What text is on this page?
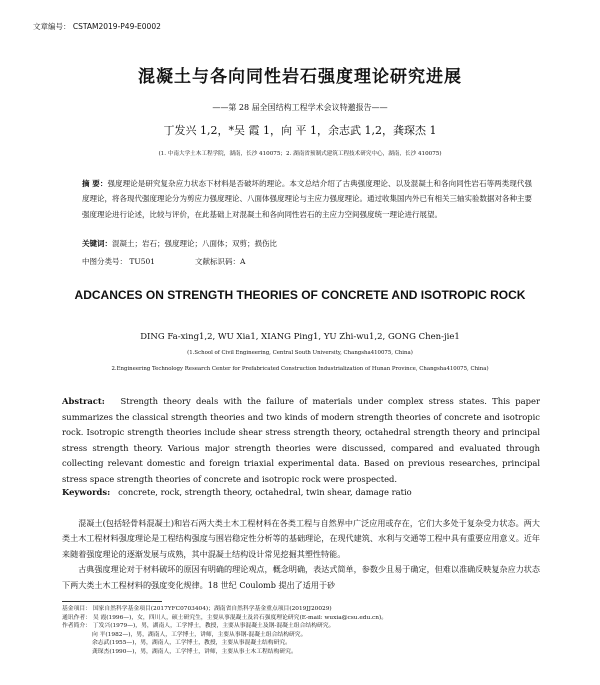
文章编号： CSTAM2019-P49-E0002
混凝土与各向同性岩石强度理论研究进展
——第 28 届全国结构工程学术会议特邀报告——
丁发兴 1,2，*吴 霞 1，向 平 1，余志武 1,2，龚琛杰 1
(1. 中南大学土木工程学院，湖南，长沙 410075；2. 湖南省预制式建筑工程技术研究中心，湖南，长沙 410075)
摘 要：强度理论是研究复杂应力状态下材料是否破坏的理论。本文总结介绍了古典强度理论、以及混凝土和各向同性岩石等两类现代强度理论，将各现代强度理论分为剪应力强度理论、八面体强度理论与主应力强度理论。通过收集国内外已有相关三轴实验数据对各种主要强度理论进行论述，比较与评价，在此基础上对混凝土和各向同性岩石的主应力空间强度统一理论进行展望。
关键词：混凝土；岩石；强度理论；八面体；双剪；损伤比
中图分类号： TU501	文献标识码：A
ADCANCES ON STRENGTH THEORIES OF CONCRETE AND ISOTROPIC ROCK
DING Fa-xing1,2, WU Xia1, XIANG Ping1, YU Zhi-wu1,2, GONG Chen-jie1
(1.School of Civil Engineering, Central South University, Changsha410075, China)
2.Engineering Technology Research Center for Prefabricated Construction Industrialization of Hunan Province, Changsha410075, China)
Abstract: Strength theory deals with the failure of materials under complex stress states. This paper summarizes the classical strength theories and two kinds of modern strength theories of concrete and isotropic rock. Isotropic strength theories include shear stress strength theory, octahedral strength theory and principal stress strength theory. Various major strength theories were discussed, compared and evaluated through collecting relevant domestic and foreign triaxial experimental data. Based on previous researches, principal stress space strength theories of concrete and isotropic rock were prospected.
Keywords: concrete, rock, strength theory, octahedral, twin shear, damage ratio

混凝土(包括轻骨料混凝土)和岩石两大类土木工程材料在各类工程与自然界中广泛应用或存在，它们大多处于复杂受力状态。两大类土木工程材料强度理论是工程结构强度与围岩稳定性分析等的基础理论，在现代建筑、水利与交通等工程中具有重要应用意义。近年来随着强度理论的逐渐发展与成熟，其中混凝土结构设计常见挖掘其塑性特能。

古典强度理论对于材料破坏的原因有明确的理论观点，概念明确，表达式简单，参数少且易于确定，但难以准确反映复杂应力状态下两大类土木工程材料的强度变化规律。18 世纪 Coulomb 提出了适用于砂

基金项目： 国家自然科学基金项目(2017YFC0703404)；湖南省自然科学基金重点项目(2019JJ20029)
通讯作者： 吴 霞(1996—)，女，四川人，硕士研究生，主要从事混凝土及岩石强度理论研究(E-mail: wuxia@csu.edu.cn)。
作者简介： 丁发兴(1979—)，男，湖南人，工学博士，教授，主要从事混凝土及钢-混凝土组合结构研究。
向 平(1982—)，男，湖南人，工学博士，讲师，主要从事钢-混凝土组合结构研究。
余志武(1955—)，男，湖南人，工学博士，教授，主要从事混凝土结构研究。
龚琛杰(1990—)，男，湖南人，工学博士，讲师，主要从事土木工程结构研究。
